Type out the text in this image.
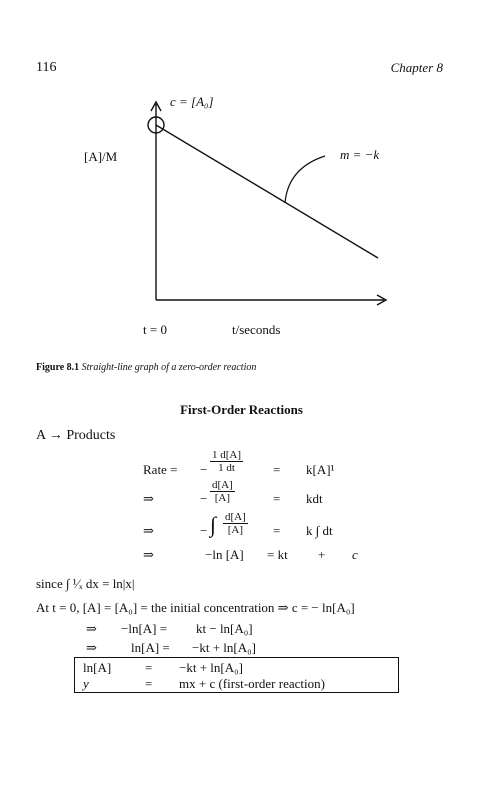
116	Chapter 8
c = [A₀]
[A]/M	m = −k
t = 0	t/seconds
Figure 8.1 Straight-line graph of a zero-order reaction
First-Order Reactions
A → Products
Rate = − $\frac{1 d[A]}{1 dt} = k[A]^1$
⇒	− $\frac{d[A]}{[A]}$	= kdt
⇒	− ∫ $\frac{d[A]}{[A]} = k$ ∫ dt
⇒	−ln [A] = kt + c
since ∫ ¹⁄ₓ dx = ln|x|
At t = 0, [A] = [A₀] = the initial concentration ⇒ c = − ln[A₀]
⇒ −ln[A] = kt − ln[A₀]
⇒	ln[A] = −kt + ln[A₀]
ln[A]	= −kt + ln[A₀]
y	= mx + c (first-order reaction)
